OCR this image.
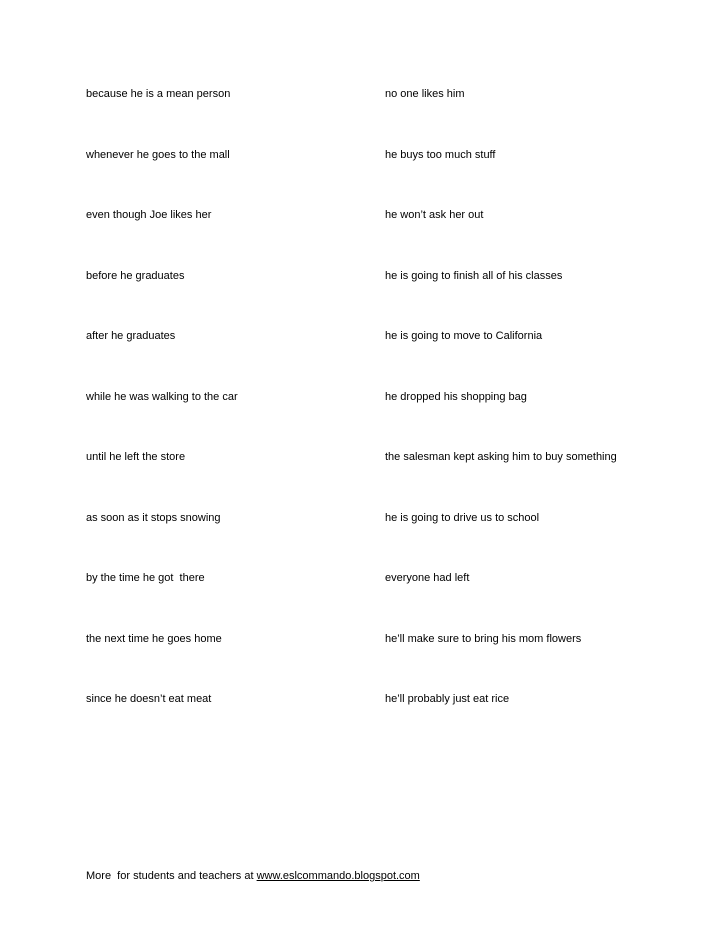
because he is a mean person	no one likes him
whenever he goes to the mall	he buys too much stuff
even though Joe likes her	he won’t ask her out
before he graduates	he is going to finish all of his classes
after he graduates	he is going to move to California
while he was walking to the car	he dropped his shopping bag
until he left the store	the salesman kept asking him to buy something
as soon as it stops snowing	he is going to drive us to school
by the time he got  there	everyone had left
the next time he goes home	he’ll make sure to bring his mom flowers
since he doesn’t eat meat	he’ll probably just eat rice
More  for students and teachers at www.eslcommando.blogspot.com
